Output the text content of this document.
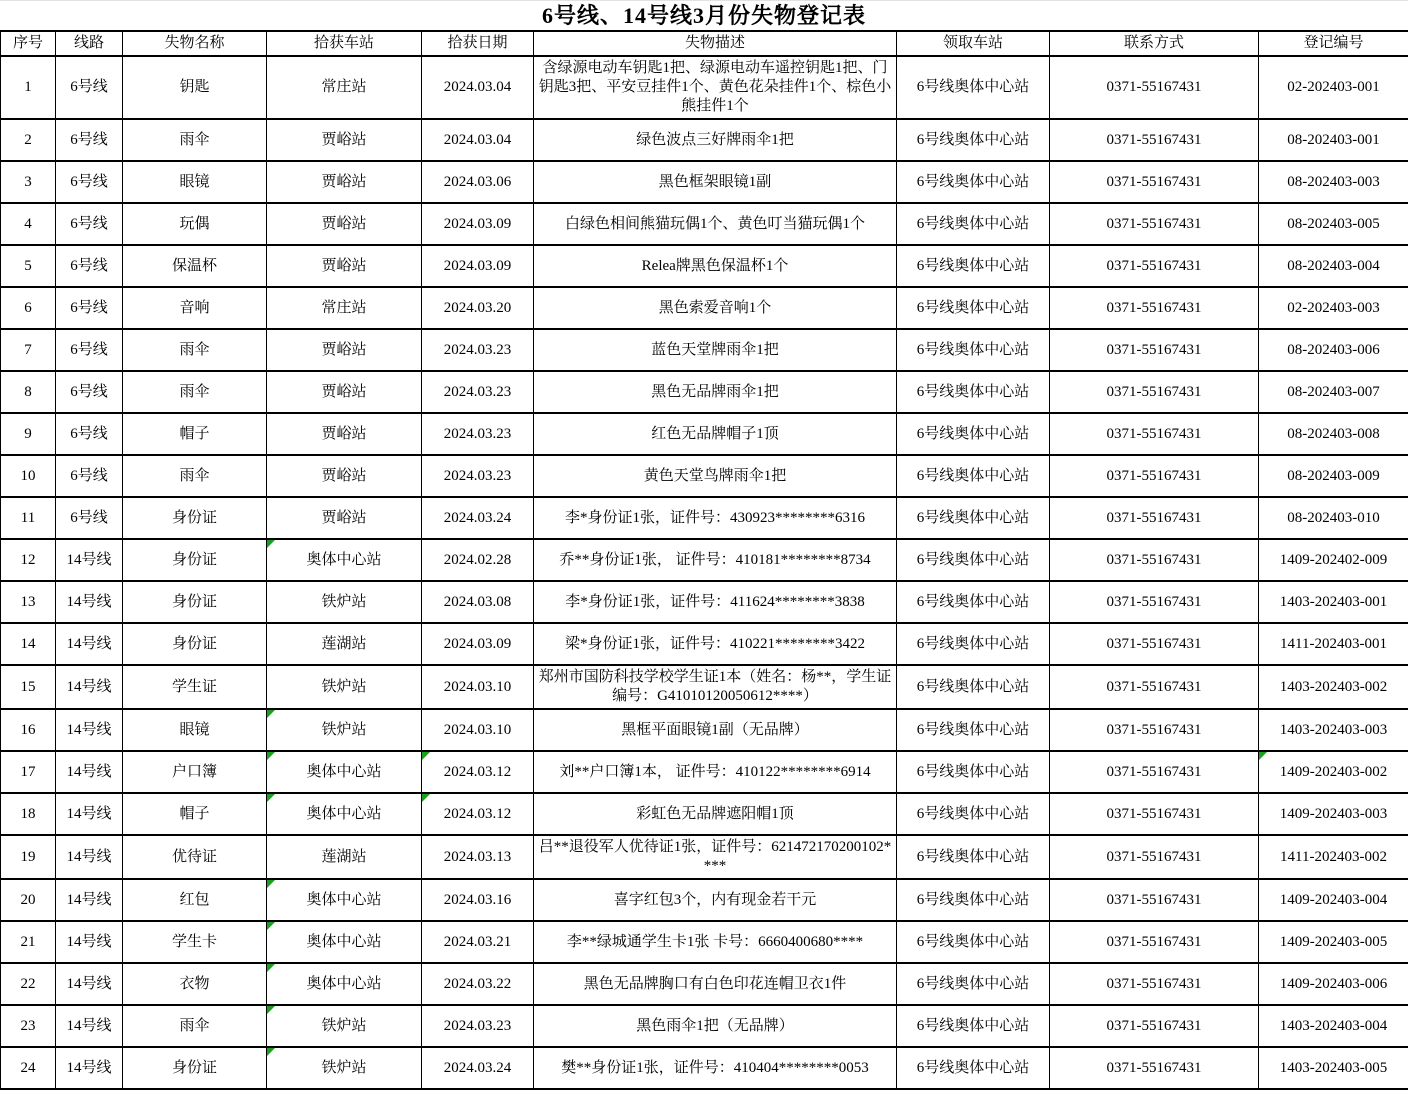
6号线、14号线3月份失物登记表
序号	线路	失物名称	拾获车站	拾获日期	失物描述	领取车站	联系方式	登记编号
1	6号线	钥匙	常庄站	2024.03.04	含绿源电动车钥匙1把、绿源电动车遥控钥匙1把、门钥匙3把、平安豆挂件1个、黄色花朵挂件1个、棕色小熊挂件1个	6号线奥体中心站	0371-55167431	02-202403-001
2	6号线	雨伞	贾峪站	2024.03.04	绿色波点三好牌雨伞1把	6号线奥体中心站	0371-55167431	08-202403-001
3	6号线	眼镜	贾峪站	2024.03.06	黑色框架眼镜1副	6号线奥体中心站	0371-55167431	08-202403-003
4	6号线	玩偶	贾峪站	2024.03.09	白绿色相间熊猫玩偶1个、黄色叮当猫玩偶1个	6号线奥体中心站	0371-55167431	08-202403-005
5	6号线	保温杯	贾峪站	2024.03.09	Relea牌黑色保温杯1个	6号线奥体中心站	0371-55167431	08-202403-004
6	6号线	音响	常庄站	2024.03.20	黑色索爱音响1个	6号线奥体中心站	0371-55167431	02-202403-003
7	6号线	雨伞	贾峪站	2024.03.23	蓝色天堂牌雨伞1把	6号线奥体中心站	0371-55167431	08-202403-006
8	6号线	雨伞	贾峪站	2024.03.23	黑色无品牌雨伞1把	6号线奥体中心站	0371-55167431	08-202403-007
9	6号线	帽子	贾峪站	2024.03.23	红色无品牌帽子1顶	6号线奥体中心站	0371-55167431	08-202403-008
10	6号线	雨伞	贾峪站	2024.03.23	黄色天堂鸟牌雨伞1把	6号线奥体中心站	0371-55167431	08-202403-009
11	6号线	身份证	贾峪站	2024.03.24	李*身份证1张，证件号：430923********6316	6号线奥体中心站	0371-55167431	08-202403-010
12	14号线	身份证	奥体中心站	2024.02.28	乔**身份证1张， 证件号：410181********8734	6号线奥体中心站	0371-55167431	1409-202402-009
13	14号线	身份证	铁炉站	2024.03.08	李*身份证1张，证件号：411624********3838	6号线奥体中心站	0371-55167431	1403-202403-001
14	14号线	身份证	莲湖站	2024.03.09	梁*身份证1张，证件号：410221********3422	6号线奥体中心站	0371-55167431	1411-202403-001
15	14号线	学生证	铁炉站	2024.03.10	郑州市国防科技学校学生证1本（姓名：杨**，学生证编号：G41010120050612****）	6号线奥体中心站	0371-55167431	1403-202403-002
16	14号线	眼镜	铁炉站	2024.03.10	黑框平面眼镜1副（无品牌）	6号线奥体中心站	0371-55167431	1403-202403-003
17	14号线	户口簿	奥体中心站	2024.03.12	刘**户口簿1本， 证件号：410122********6914	6号线奥体中心站	0371-55167431	1409-202403-002
18	14号线	帽子	奥体中心站	2024.03.12	彩虹色无品牌遮阳帽1顶	6号线奥体中心站	0371-55167431	1409-202403-003
19	14号线	优待证	莲湖站	2024.03.13	吕**退役军人优待证1张，证件号：621472170200102****	6号线奥体中心站	0371-55167431	1411-202403-002
20	14号线	红包	奥体中心站	2024.03.16	喜字红包3个，内有现金若干元	6号线奥体中心站	0371-55167431	1409-202403-004
21	14号线	学生卡	奥体中心站	2024.03.21	李**绿城通学生卡1张 卡号：6660400680****	6号线奥体中心站	0371-55167431	1409-202403-005
22	14号线	衣物	奥体中心站	2024.03.22	黑色无品牌胸口有白色印花连帽卫衣1件	6号线奥体中心站	0371-55167431	1409-202403-006
23	14号线	雨伞	铁炉站	2024.03.23	黑色雨伞1把（无品牌）	6号线奥体中心站	0371-55167431	1403-202403-004
24	14号线	身份证	铁炉站	2024.03.24	樊**身份证1张，证件号：410404********0053	6号线奥体中心站	0371-55167431	1403-202403-005
